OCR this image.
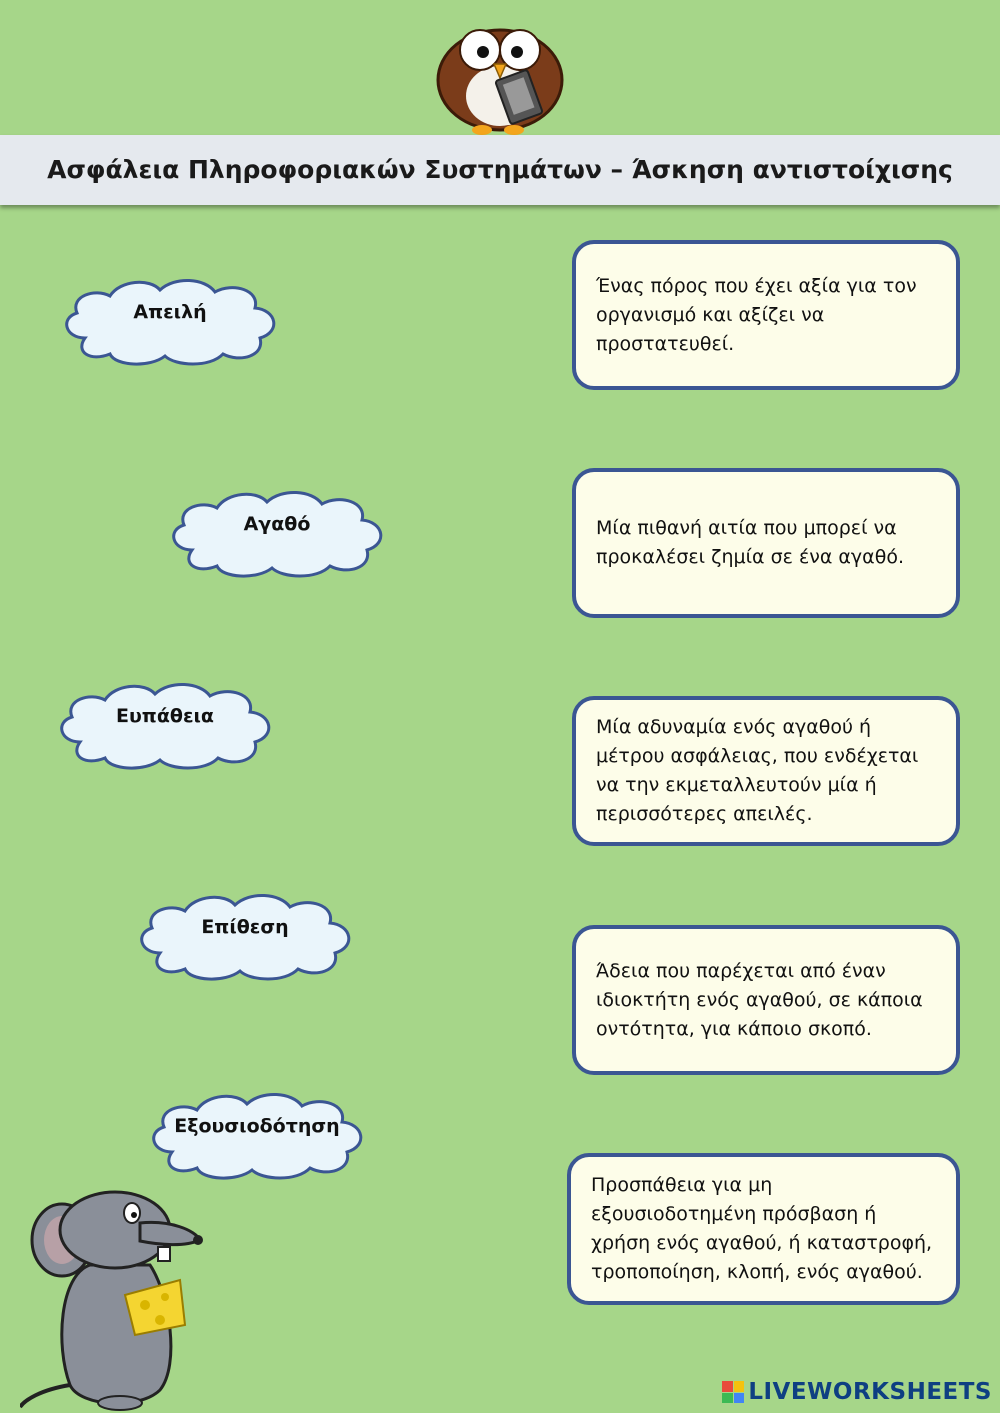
Ασφάλεια Πληροφοριακών Συστημάτων – Άσκηση αντιστοίχισης
Απειλή
Αγαθό
Ευπάθεια
Επίθεση
Εξουσιοδότηση

Ένας πόρος που έχει αξία για τον οργανισμό και αξίζει να προστατευθεί.

Μία πιθανή αιτία που μπορεί να προκαλέσει ζημία σε ένα αγαθό.

Μία αδυναμία ενός αγαθού ή μέτρου ασφάλειας, που ενδέχεται να την εκμεταλλευτούν μία ή περισσότερες απειλές.

Άδεια που παρέχεται από έναν ιδιοκτήτη ενός αγαθού, σε κάποια οντότητα, για κάποιο σκοπό.

Προσπάθεια για μη εξουσιοδοτημένη πρόσβαση ή χρήση ενός αγαθού, ή καταστροφή, τροποποίηση, κλοπή, ενός αγαθού.

LIVEWORKSHEETS
